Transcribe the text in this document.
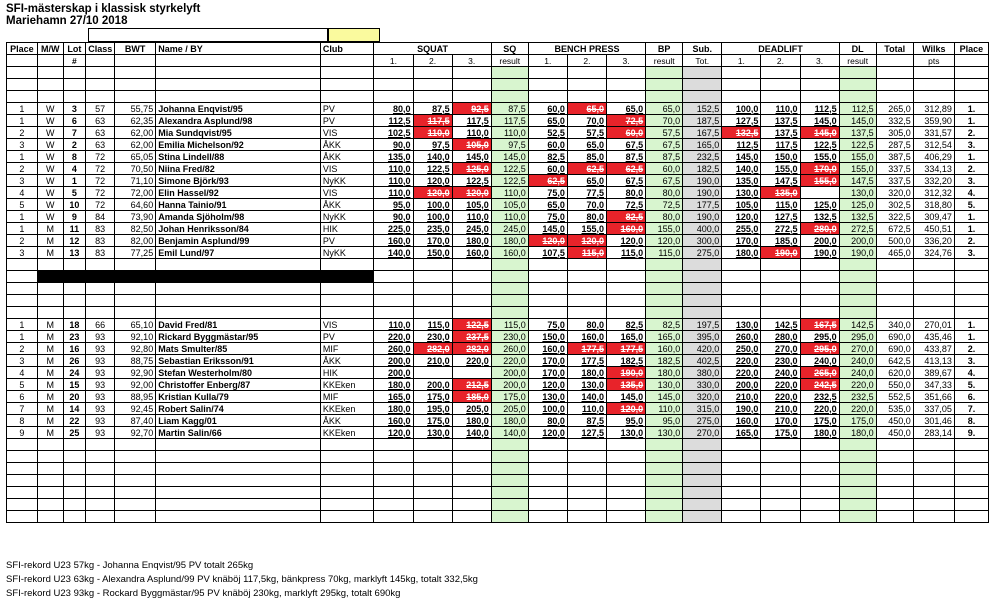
SFI-mästerskap i klassisk styrkelyft
Mariehamn 27/10 2018
Place	M/W	Lot	Class	BWT	Name / BY	Club	SQUAT			SQ	BENCH PRESS			BP	Sub.	DEADLIFT			DL	Total	Wilks	Place
		#					1.	2.	3.	result	1.	2.	3.	result	Tot.	1.	2.	3.	result		pts	

1	W	3	57	55,75	Johanna Enqvist/95	PV	80,0	87,5	92,5	87,5	60,0	65,0	65,0	65,0	152,5	100,0	110,0	112,5	112,5	265,0	312,89	1.
1	W	6	63	62,35	Alexandra Asplund/98	PV	112,5	117,5	117,5	117,5	65,0	70,0	72,5	70,0	187,5	127,5	137,5	145,0	145,0	332,5	359,90	1.
2	W	7	63	62,00	Mia Sundqvist/95	VIS	102,5	110,0	110,0	110,0	52,5	57,5	60,0	57,5	167,5	132,5	137,5	145,0	137,5	305,0	331,57	2.
3	W	2	63	62,00	Emilia Michelson/92	ÅKK	90,0	97,5	105,0	97,5	60,0	65,0	67,5	67,5	165,0	112,5	117,5	122,5	122,5	287,5	312,54	3.
1	W	8	72	65,05	Stina Lindell/88	ÅKK	135,0	140,0	145,0	145,0	82,5	85,0	87,5	87,5	232,5	145,0	150,0	155,0	155,0	387,5	406,29	1.
2	W	4	72	70,50	Niina Fred/82	VIS	110,0	122,5	125,0	122,5	60,0	62,5	62,5	60,0	182,5	140,0	155,0	170,0	155,0	337,5	334,13	2.
3	W	1	72	71,10	Simone Björk/93	NyKK	110,0	120,0	122,5	122,5	62,5	65,0	67,5	67,5	190,0	135,0	147,5	155,0	147,5	337,5	332,20	3.
4	W	5	72	72,00	Elin Hassel/92	VIS	110,0	120,0	120,0	110,0	75,0	77,5	80,0	80,0	190,0	130,0	135,0		130,0	320,0	312,32	4.
5	W	10	72	64,60	Hanna Tainio/91	ÅKK	95,0	100,0	105,0	105,0	65,0	70,0	72,5	72,5	177,5	105,0	115,0	125,0	125,0	302,5	318,80	5.
1	W	9	84	73,90	Amanda Sjöholm/98	NyKK	90,0	100,0	110,0	110,0	75,0	80,0	82,5	80,0	190,0	120,0	127,5	132,5	132,5	322,5	309,47	1.
1	M	11	83	82,50	Johan Henriksson/84	HIK	225,0	235,0	245,0	245,0	145,0	155,0	160,0	155,0	400,0	255,0	272,5	280,0	272,5	672,5	450,51	1.
2	M	12	83	82,00	Benjamin Asplund/99	PV	160,0	170,0	180,0	180,0	120,0	120,0	120,0	120,0	300,0	170,0	185,0	200,0	200,0	500,0	336,20	2.
3	M	13	83	77,25	Emil Lund/97	NyKK	140,0	150,0	160,0	160,0	107,5	115,0	115,0	115,0	275,0	180,0	190,0	190,0	190,0	465,0	324,76	3.

1	M	18	66	65,10	David Fred/81	VIS	110,0	115,0	122,5	115,0	75,0	80,0	82,5	82,5	197,5	130,0	142,5	167,5	142,5	340,0	270,01	1.
1	M	23	93	92,10	Rickard Byggmästar/95	PV	220,0	230,0	237,5	230,0	150,0	160,0	165,0	165,0	395,0	260,0	280,0	295,0	295,0	690,0	435,46	1.
2	M	16	93	92,80	Mats Smulter/85	MIF	260,0	282,0	282,0	260,0	160,0	177,5	177,5	160,0	420,0	250,0	270,0	295,0	270,0	690,0	433,87	2.
3	M	26	93	88,75	Sebastian Eriksson/91	ÅKK	200,0	210,0	220,0	220,0	170,0	177,5	182,5	182,5	402,5	220,0	230,0	240,0	240,0	642,5	413,13	3.
4	M	24	93	92,90	Stefan Westerholm/80	HIK	200,0			200,0	170,0	180,0	190,0	180,0	380,0	220,0	240,0	265,0	240,0	620,0	389,67	4.
5	M	15	93	92,00	Christoffer Enberg/87	KKEken	180,0	200,0	212,5	200,0	120,0	130,0	135,0	130,0	330,0	200,0	220,0	242,5	220,0	550,0	347,33	5.
6	M	20	93	88,95	Kristian Kulla/79	MIF	165,0	175,0	185,0	175,0	130,0	140,0	145,0	145,0	320,0	210,0	220,0	232,5	232,5	552,5	351,66	6.
7	M	14	93	92,45	Robert Salin/74	KKEken	180,0	195,0	205,0	205,0	100,0	110,0	120,0	110,0	315,0	190,0	210,0	220,0	220,0	535,0	337,05	7.
8	M	22	93	87,40	Liam Kagg/01	ÅKK	160,0	175,0	180,0	180,0	80,0	87,5	95,0	95,0	275,0	160,0	170,0	175,0	175,0	450,0	301,46	8.
9	M	25	93	92,70	Martin Salin/66	KKEken	120,0	130,0	140,0	140,0	120,0	127,5	130,0	130,0	270,0	165,0	175,0	180,0	180,0	450,0	283,14	9.

SFI-rekord U23 57kg - Johanna Enqvist/95 PV totalt 265kg
SFI-rekord U23 63kg - Alexandra Asplund/99 PV knäböj 117,5kg, bänkpress 70kg, marklyft 145kg, totalt 332,5kg
SFI-rekord U23 93kg - Rockard Byggmästar/95 PV knäböj 230kg, marklyft 295kg, totalt 690kg
